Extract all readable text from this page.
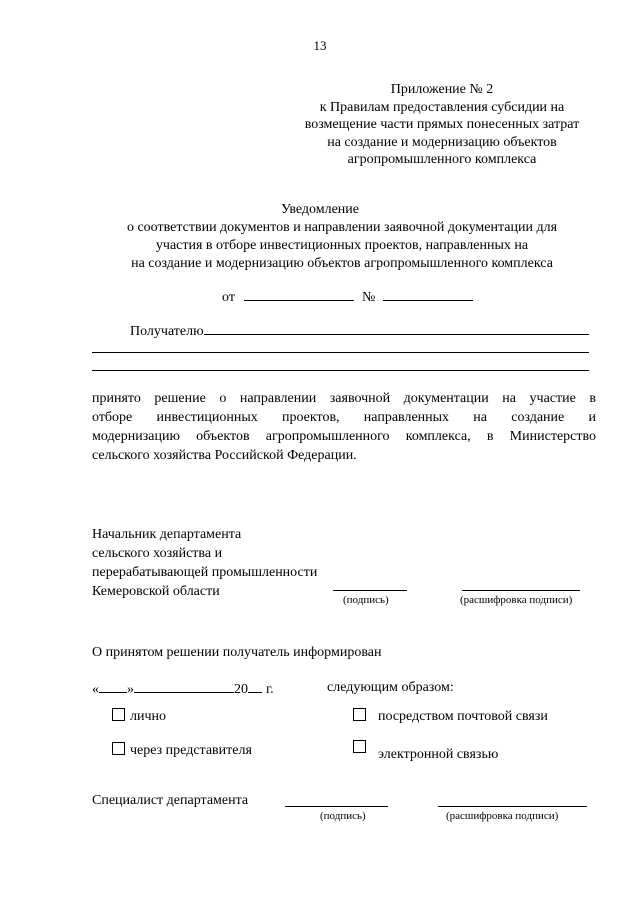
13
Приложение № 2
к Правилам предоставления субсидии на
возмещение части прямых понесенных затрат
на создание и модернизацию объектов
агропромышленного комплекса
Уведомление
о соответствии документов и направлении заявочной документации для
участия в отборе инвестиционных проектов, направленных на
на создание и модернизацию объектов агропромышленного комплекса
от	№
Получателю
принято решение о направлении заявочной документации на участие в
отборе инвестиционных проектов, направленных на создание и
модернизацию объектов агропромышленного комплекса, в Министерство
сельского хозяйства Российской Федерации.
Начальник департамента
сельского хозяйства и
перерабатывающей промышленности
Кемеровской области
(подпись)	(расшифровка подписи)
О принятом решении получатель информирован
« »	20 г.	следующим образом:
лично	посредством почтовой связи
через представителя	электронной связью
Специалист департамента
(подпись)	(расшифровка подписи)
